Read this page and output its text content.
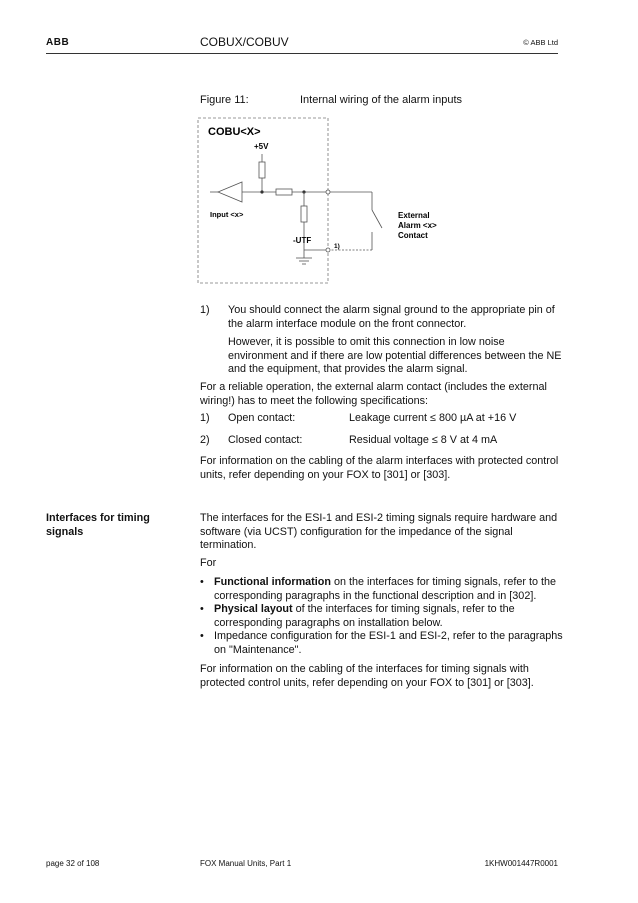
ABB	COBUX/COBUV	© ABB Ltd
Figure 11:	Internal wiring of the alarm inputs
COBU<X>
+5V
Input <x>
-UTF
1)
External
Alarm <x>
Contact
1) You should connect the alarm signal ground to the appropriate pin of
the alarm interface module on the front connector.
However, it is possible to omit this connection in low noise
environment and if there are low potential differences between the NE
and the equipment, that provides the alarm signal.
For a reliable operation, the external alarm contact (includes the external
wiring!) has to meet the following specifications:
1) Open contact:	Leakage current ≤ 800 µA at +16 V
2) Closed contact:	Residual voltage ≤ 8 V at 4 mA
For information on the cabling of the alarm interfaces with protected control
units, refer depending on your FOX to [301] or [303].
Interfaces for timing
signals
The interfaces for the ESI-1 and ESI-2 timing signals require hardware and
software (via UCST) configuration for the impedance of the signal
termination.
For
• Functional information on the interfaces for timing signals, refer to the
corresponding paragraphs in the functional description and in [302].
• Physical layout of the interfaces for timing signals, refer to the
corresponding paragraphs on installation below.
• Impedance configuration for the ESI-1 and ESI-2, refer to the paragraphs
on "Maintenance".
For information on the cabling of the interfaces for timing signals with
protected control units, refer depending on your FOX to [301] or [303].
page 32 of 108	FOX Manual Units, Part 1	1KHW001447R0001
